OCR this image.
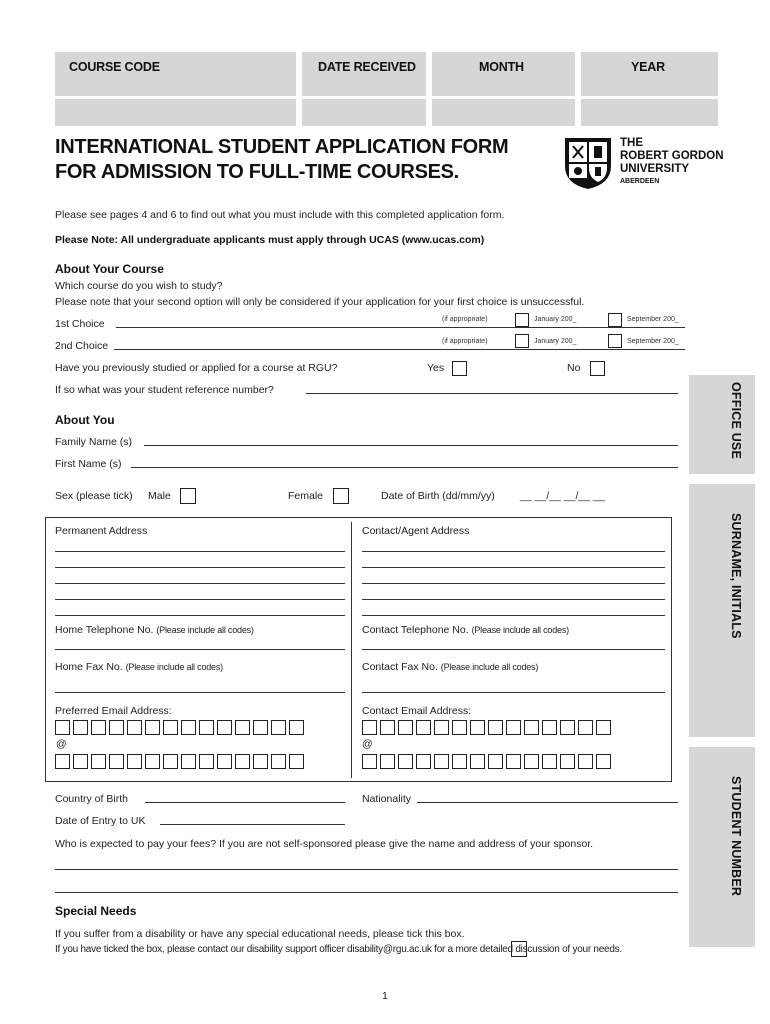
COURSE CODE	DATE RECEIVED	MONTH	YEAR
INTERNATIONAL STUDENT APPLICATION FORM
FOR ADMISSION TO FULL-TIME COURSES.
THE
ROBERT GORDON
UNIVERSITY
ABERDEEN
Please see pages 4 and 6 to find out what you must include with this completed application form.
Please Note: All undergraduate applicants must apply through UCAS (www.ucas.com)
About Your Course
Which course do you wish to study?
Please note that your second option will only be considered if your application for your first choice is unsuccessful.
1st Choice	(if appropriate)	January 200_	September 200_
2nd Choice	(if appropriate)	January 200_	September 200_
Have you previously studied or applied for a course at RGU?	Yes	No
If so what was your student reference number?
About You
Family Name (s)
First Name (s)
Sex (please tick) Male	Female	Date of Birth (dd/mm/yy) __ __/__ __/__ __
Permanent Address	Contact/Agent Address
Home Telephone No. (Please include all codes)	Contact Telephone No. (Please include all codes)
Home Fax No. (Please include all codes)	Contact Fax No. (Please include all codes)
Preferred Email Address:	Contact Email Address:
@	@
Country of Birth	Nationality
Date of Entry to UK
Who is expected to pay your fees? If you are not self-sponsored please give the name and address of your sponsor.
Special Needs
If you suffer from a disability or have any special educational needs, please tick this box.
If you have ticked the box, please contact our disability support officer disability@rgu.ac.uk for a more detailed discussion of your needs.
OFFICE USE
SURNAME, INITIALS
STUDENT NUMBER
1
